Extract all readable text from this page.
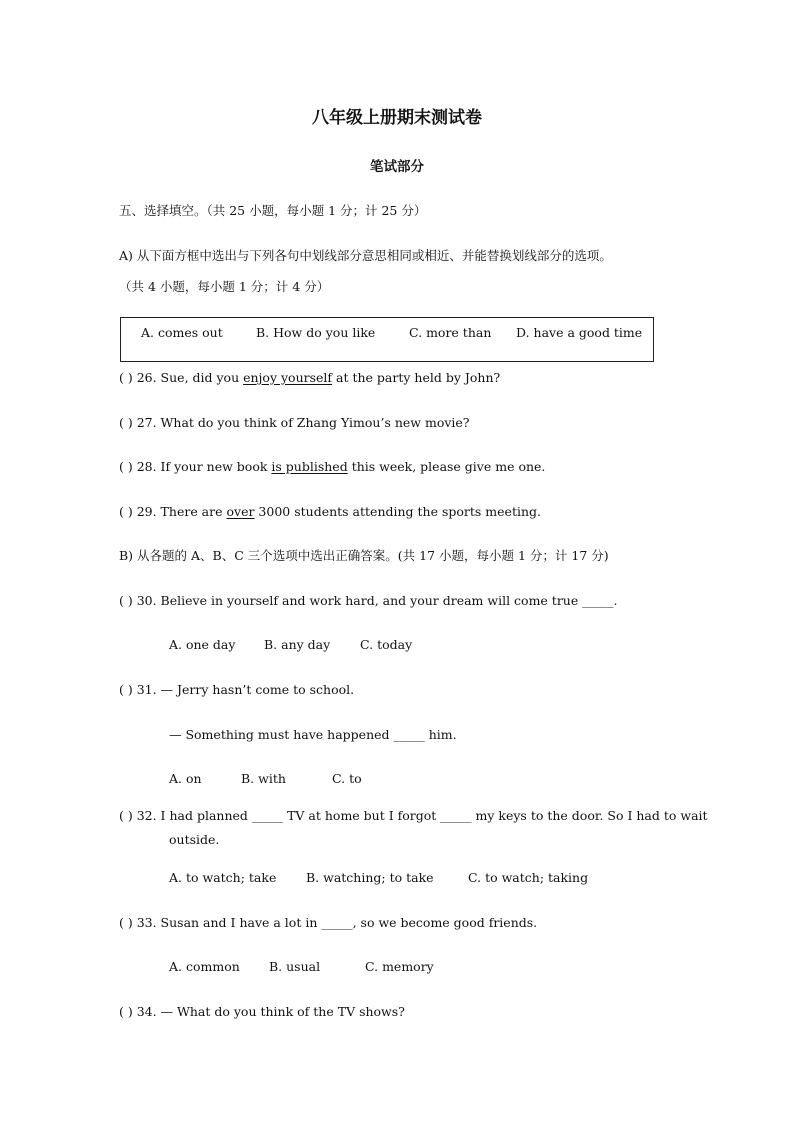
八年级上册期末测试卷
笔试部分
五、选择填空。（共 25 小题，每小题 1 分；计 25 分）
A) 从下面方框中选出与下列各句中划线部分意思相同或相近、并能替换划线部分的选项。
（共 4 小题，每小题 1 分；计 4 分）
A. comes out	B. How do you like	C. more than D. have a good time
( ) 26. Sue, did you enjoy yourself at the party held by John?
( ) 27. What do you think of Zhang Yimou’s new movie?
( ) 28. If your new book is published this week, please give me one.
( ) 29. There are over 3000 students attending the sports meeting.
B) 从各题的 A、B、C 三个选项中选出正确答案。(共 17 小题，每小题 1 分；计 17 分)
( ) 30. Believe in yourself and work hard, and your dream will come true _____.
A. one day B. any day C. today
( ) 31. — Jerry hasn’t come to school.
— Something must have happened _____ him.
A. on	B. with	C. to
( ) 32. I had planned _____ TV at home but I forgot _____ my keys to the door. So I had to wait
outside.
A. to watch; take B. watching; to take	C. to watch; taking
( ) 33. Susan and I have a lot in _____, so we become good friends.
A. common B. usual	C. memory
( ) 34. — What do you think of the TV shows?
